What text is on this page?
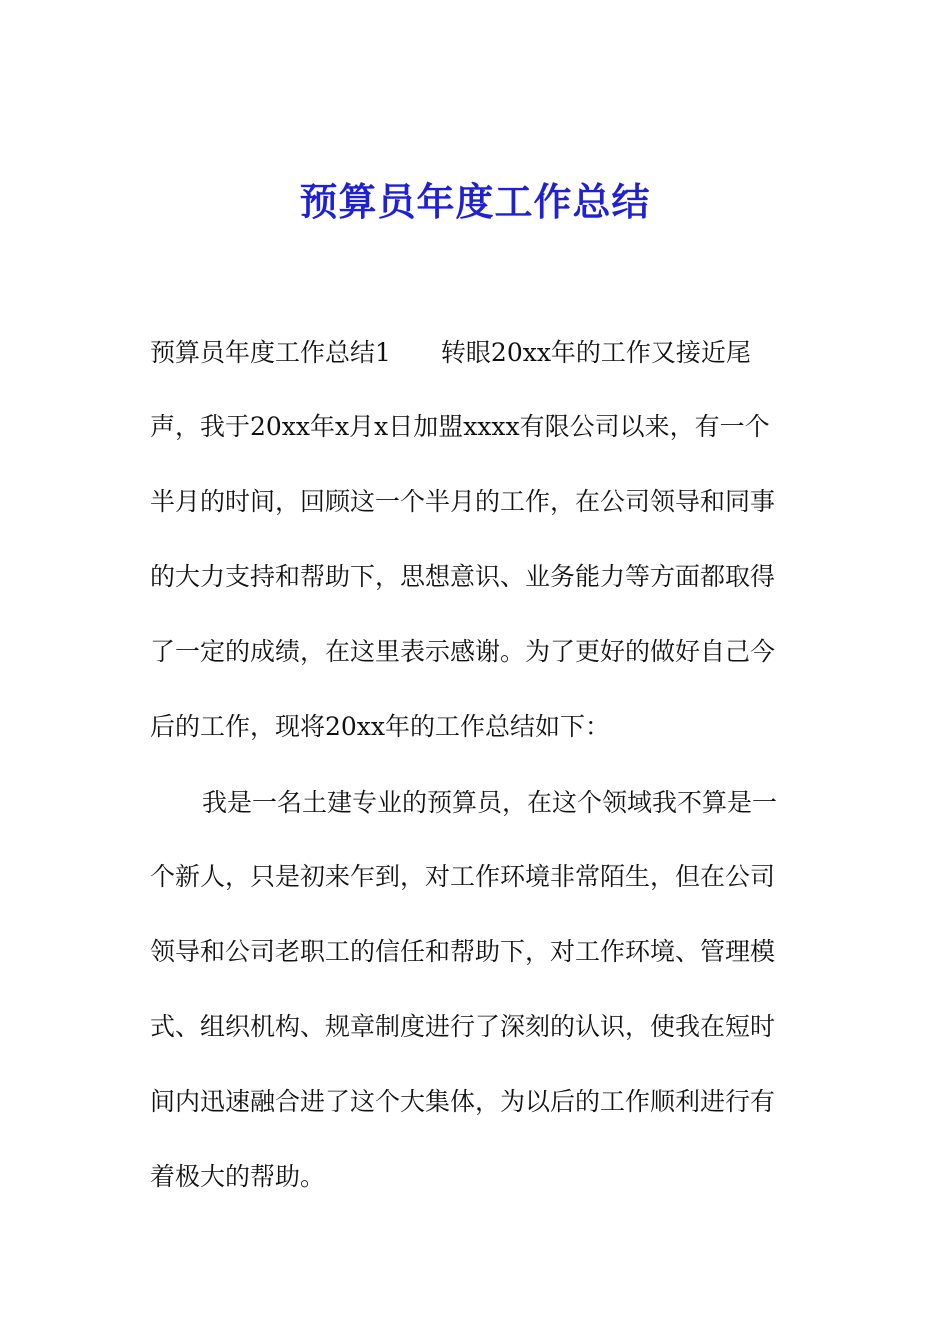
预算员年度工作总结

预算员年度工作总结1　　转眼20xx年的工作又接近尾

声，我于20xx年x月x日加盟xxxx有限公司以来，有一个

半月的时间，回顾这一个半月的工作，在公司领导和同事

的大力支持和帮助下，思想意识、业务能力等方面都取得

了一定的成绩，在这里表示感谢。为了更好的做好自己今

后的工作，现将20xx年的工作总结如下：

我是一名土建专业的预算员，在这个领域我不算是一

个新人，只是初来乍到，对工作环境非常陌生，但在公司

领导和公司老职工的信任和帮助下，对工作环境、管理模

式、组织机构、规章制度进行了深刻的认识，使我在短时

间内迅速融合进了这个大集体，为以后的工作顺利进行有

着极大的帮助。
